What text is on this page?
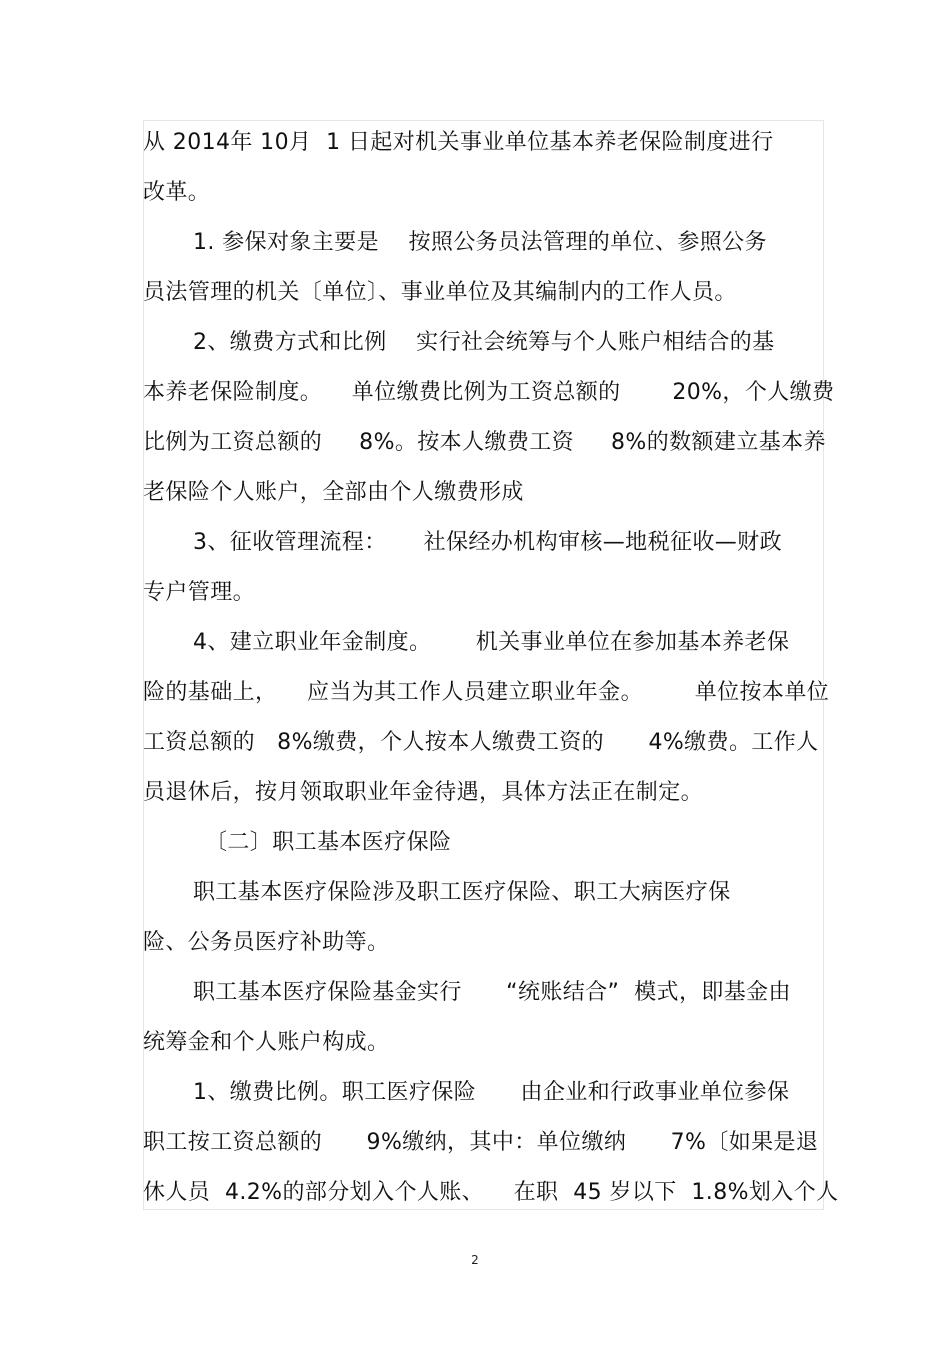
从 2014年 10月  1 日起对机关事业单位基本养老保险制度进行
改革。
1. 参保对象主要是    按照公务员法管理的单位、参照公务
员法管理的机关〔单位〕、事业单位及其编制内的工作人员。
2、缴费方式和比例    实行社会统筹与个人账户相结合的基
本养老保险制度。    单位缴费比例为工资总额的       20%，个人缴费
比例为工资总额的     8%。按本人缴费工资     8%的数额建立基本养
老保险个人账户，全部由个人缴费形成
3、征收管理流程：     社保经办机构审核—地税征收—财政
专户管理。
4、建立职业年金制度。      机关事业单位在参加基本养老保
险的基础上，    应当为其工作人员建立职业年金。       单位按本单位
工资总额的   8%缴费，个人按本人缴费工资的      4%缴费。工作人
员退休后，按月领取职业年金待遇，具体方法正在制定。
〔二〕职工基本医疗保险
职工基本医疗保险涉及职工医疗保险、职工大病医疗保
险、公务员医疗补助等。
职工基本医疗保险基金实行      “统账结合”  模式，即基金由
统筹金和个人账户构成。
1、缴费比例。职工医疗保险      由企业和行政事业单位参保
职工按工资总额的      9%缴纳，其中：单位缴纳      7%〔如果是退
休人员  4.2%的部分划入个人账、    在职  45 岁以下  1.8%划入个人
2
